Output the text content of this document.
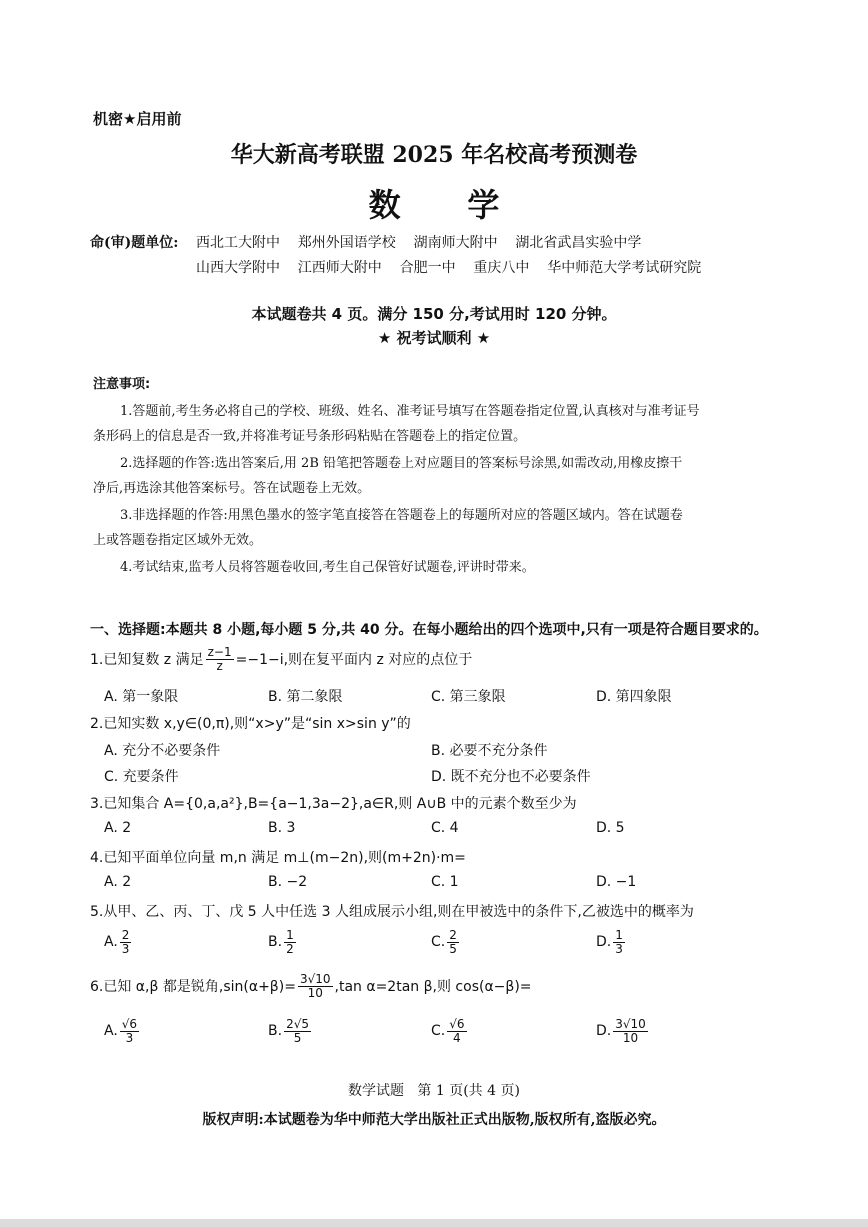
机密★启用前
华大新高考联盟 2025 年名校高考预测卷
数      学
命(审)题单位: 西北工大附中    郑州外国语学校    湖南师大附中    湖北省武昌实验中学
山西大学附中    江西师大附中    合肥一中    重庆八中    华中师范大学考试研究院
本试题卷共 4 页。满分 150 分,考试用时 120 分钟。
★ 祝考试顺利 ★
注意事项:
1.答题前,考生务必将自己的学校、班级、姓名、准考证号填写在答题卷指定位置,认真核对与准考证号
条形码上的信息是否一致,并将准考证号条形码粘贴在答题卷上的指定位置。
2.选择题的作答:选出答案后,用 2B 铅笔把答题卷上对应题目的答案标号涂黑,如需改动,用橡皮擦干
净后,再选涂其他答案标号。答在试题卷上无效。
3.非选择题的作答:用黑色墨水的签字笔直接答在答题卷上的每题所对应的答题区域内。答在试题卷
上或答题卷指定区域外无效。
4.考试结束,监考人员将答题卷收回,考生自己保管好试题卷,评讲时带来。
一、选择题:本题共 8 小题,每小题 5 分,共 40 分。在每小题给出的四个选项中,只有一项是符合题目要求的。
1.已知复数 z 满足 $\frac{z-1}{z} =-1-i$,则在复平面内 z 对应的点位于
A. 第一象限	B. 第二象限	C. 第三象限	D. 第四象限
2.已知实数 x,y∈(0,π),则“x>y”是“sin x>sin y”的
A. 充分不必要条件	B. 必要不充分条件
C. 充要条件	D. 既不充分也不必要条件
3.已知集合 A={0,a,a²},B={a−1,3a−2},a∈R,则 A∪B 中的元素个数至少为
A. 2	B. 3	C. 4	D. 5
4.已知平面单位向量 m,n 满足 m⊥(m−2n),则(m+2n)·m=
A. 2	B. −2	C. 1	D. −1
5.从甲、乙、丙、丁、戊 5 人中任选 3 人组成展示小组,则在甲被选中的条件下,乙被选中的概率为
A. $\frac{2}{3}$	B. $\frac{1}{2}$	C. $\frac{2}{5}$	D. $\frac{1}{3}$
6.已知 α,β 都是锐角$,\sin(\alpha+\beta)= \frac{3√10}{10} ,\tan$ α=2tan β,则 cos(α−β)=
A. $\frac{√6}{3}$	B. $\frac{2√5}{5}$	C. $\frac{√6}{4}$	D. $\frac{3√10}{10}$
数学试题   第 1 页(共 4 页)
版权声明:本试题卷为华中师范大学出版社正式出版物,版权所有,盗版必究。
